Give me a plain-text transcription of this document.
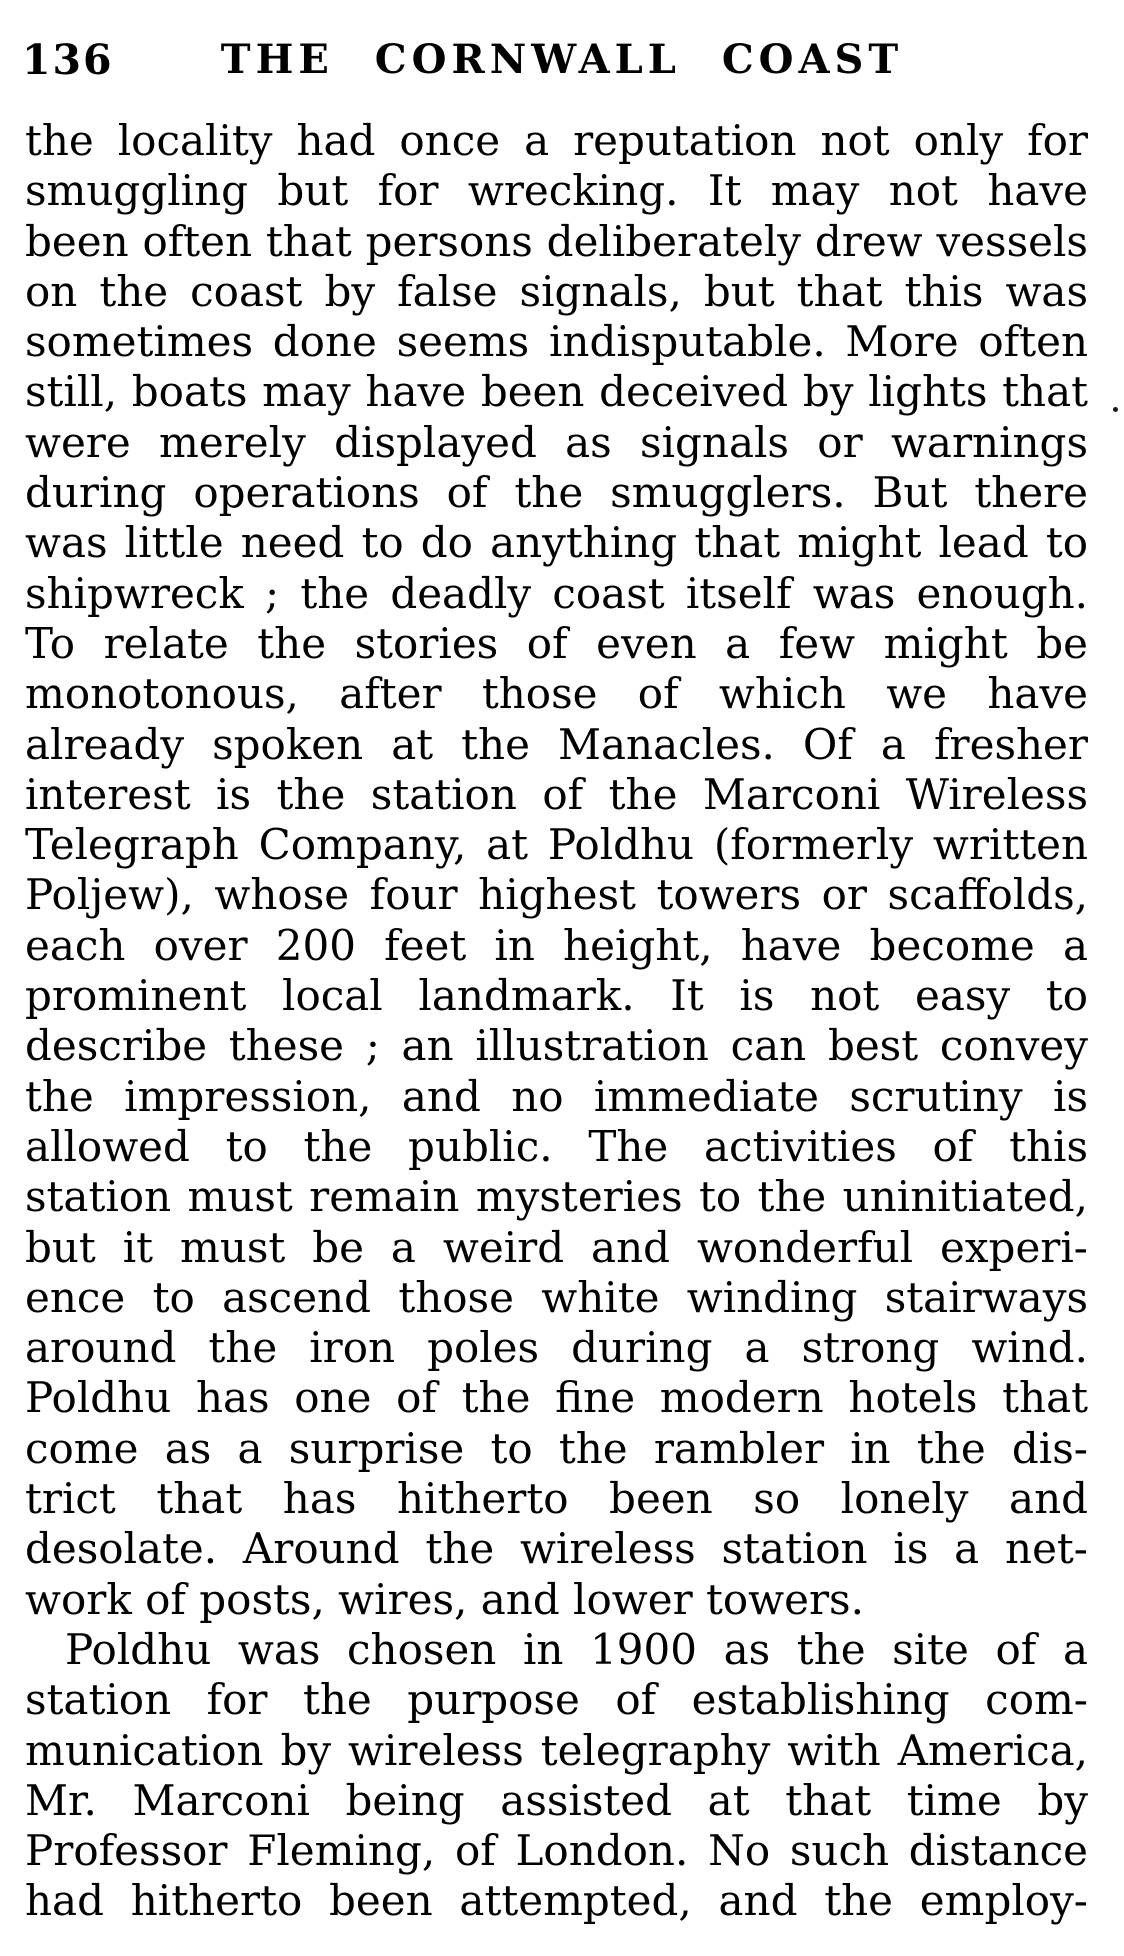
136	THE CORNWALL COAST
the locality had once a reputation not only for
smuggling but for wrecking. It may not have
been often that persons deliberately drew vessels
on the coast by false signals, but that this was
sometimes done seems indisputable. More often
still, boats may have been deceived by lights that
were merely displayed as signals or warnings
during operations of the smugglers. But there
was little need to do anything that might lead to
shipwreck ; the deadly coast itself was enough.
To relate the stories of even a few might be
monotonous, after those of which we have
already spoken at the Manacles. Of a fresher
interest is the station of the Marconi Wireless
Telegraph Company, at Poldhu (formerly written
Poljew), whose four highest towers or scaffolds,
each over 200 feet in height, have become a
prominent local landmark. It is not easy to
describe these ; an illustration can best convey
the impression, and no immediate scrutiny is
allowed to the public. The activities of this
station must remain mysteries to the uninitiated,
but it must be a weird and wonderful experi-
ence to ascend those white winding stairways
around the iron poles during a strong wind.
Poldhu has one of the fine modern hotels that
come as a surprise to the rambler in the dis-
trict that has hitherto been so lonely and
desolate. Around the wireless station is a net-
work of posts, wires, and lower towers.
Poldhu was chosen in 1900 as the site of a
station for the purpose of establishing com-
munication by wireless telegraphy with America,
Mr. Marconi being assisted at that time by
Professor Fleming, of London. No such distance
had hitherto been attempted, and the employ-
